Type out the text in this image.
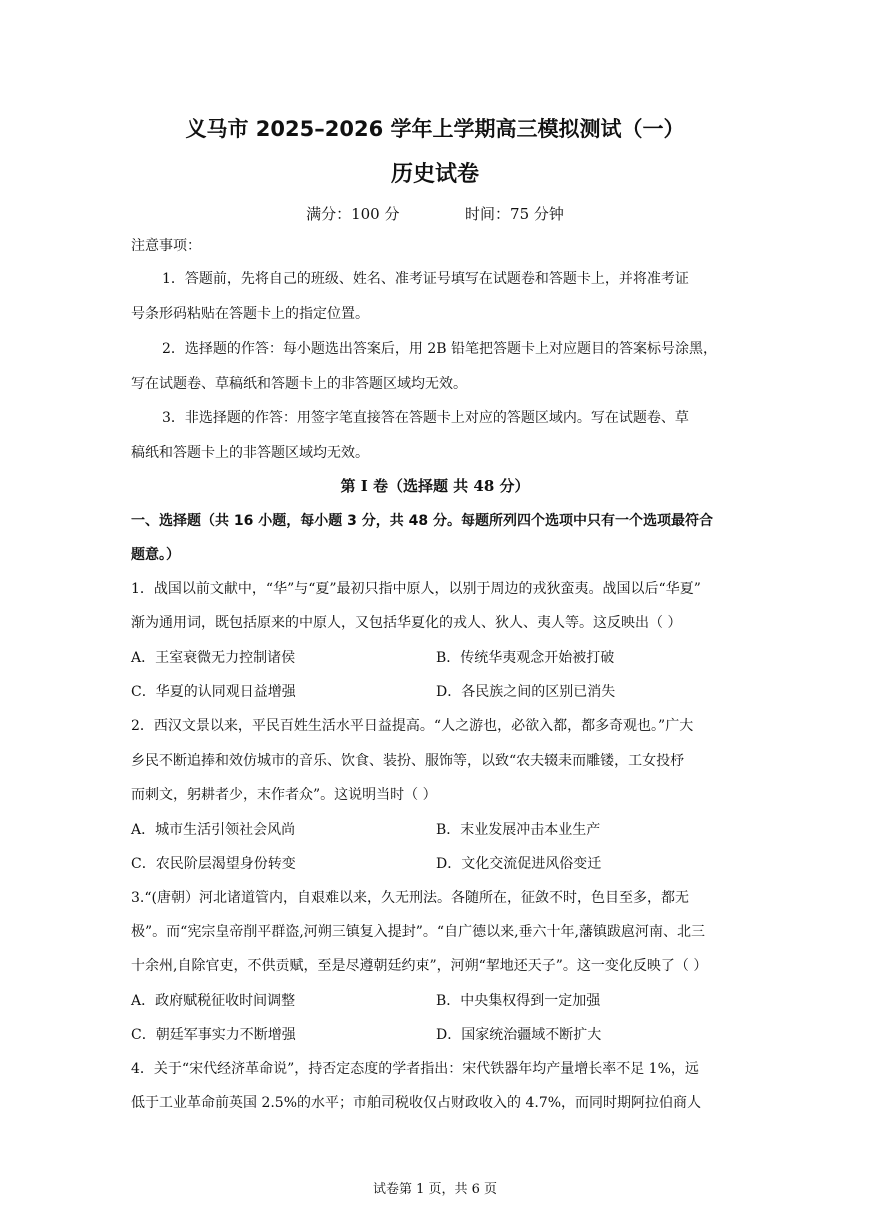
义马市 2025–2026 学年上学期高三模拟测试（一）
历史试卷
满分：100 分	时间：75 分钟
注意事项：
1．答题前，先将自己的班级、姓名、准考证号填写在试题卷和答题卡上，并将准考证
号条形码粘贴在答题卡上的指定位置。
2．选择题的作答：每小题选出答案后，用 2B 铅笔把答题卡上对应题目的答案标号涂黑，
写在试题卷、草稿纸和答题卡上的非答题区域均无效。
3．非选择题的作答：用签字笔直接答在答题卡上对应的答题区域内。写在试题卷、草
稿纸和答题卡上的非答题区域均无效。
第 I 卷（选择题 共 48 分）
一、选择题（共 16 小题，每小题 3 分，共 48 分。每题所列四个选项中只有一个选项最符合
题意。）
1．战国以前文献中，“华”与“夏”最初只指中原人，以别于周边的戎狄蛮夷。战国以后“华夏”
渐为通用词，既包括原来的中原人，又包括华夏化的戎人、狄人、夷人等。这反映出（ ）
A．王室衰微无力控制诸侯	B．传统华夷观念开始被打破
C．华夏的认同观日益增强	D．各民族之间的区别已消失
2．西汉文景以来，平民百姓生活水平日益提高。“人之游也，必欲入都，都多奇观也。”广大
乡民不断追捧和效仿城市的音乐、饮食、装扮、服饰等，以致“农夫辍耒而雕镂，工女投杼
而刺文，躬耕者少，末作者众”。这说明当时（ ）
A．城市生活引领社会风尚	B．末业发展冲击本业生产
C．农民阶层渴望身份转变	D．文化交流促进风俗变迁
3.“(唐朝）河北诸道管内，自艰难以来，久无刑法。各随所在，征敛不时，色目至多，都无
极”。而“宪宗皇帝削平群盗,河朔三镇复入提封”。“自广德以来,垂六十年,藩镇跋扈河南、北三
十余州,自除官吏，不供贡赋，至是尽遵朝廷约束”，河朔“挈地还天子”。这一变化反映了（ ）
A．政府赋税征收时间调整	B．中央集权得到一定加强
C．朝廷军事实力不断增强	D．国家统治疆域不断扩大
4．关于“宋代经济革命说”，持否定态度的学者指出：宋代铁器年均产量增长率不足 1%，远
低于工业革命前英国 2.5%的水平；市舶司税收仅占财政收入的 4.7%，而同时期阿拉伯商人
试卷第 1 页，共 6 页
